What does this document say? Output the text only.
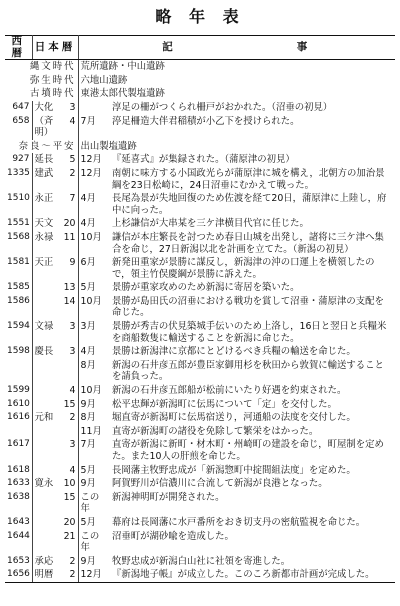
略 年 表
西暦	日本暦		記 事	
縄文時代			荒所遺跡・中山遺跡	
弥生時代			六地山遺跡	
古墳時代			東港太郎代製塩遺跡	
647	大化	3		淳足の柵がつくられ柵戸がおかれた。（沼垂の初見）
658	（斉明）	4	7月	渟足柵造大伴君稲積が小乙下を授けられた。
奈良～平安			出山製塩遺跡	
927	延長	5	12月	『延喜式』が集録された。（蒲原津の初見）
1335	建武	2	12月	南朝に味方する小国政光らが蒲原津に城を構え，北朝方の加治景綱を23日松崎に，24日沼垂にむかえて戦った。
1510	永正	7	4月	長尾為景が失地回復のため佐渡を経て20日，蒲原津に上陸し，府中に向った。
1551	天文	20	4月	上杉謙信が大串某を三ケ津横目代官に任じた。
1568	永禄	11	10月	謙信が本庄繁長を討つため春日山城を出発し，諸将に三ケ津へ集合を命じ，27日新潟以北を計画を立てた。（新潟の初見）
1581	天正	9	6月	新発田重家が景勝に謀反し，新潟津の沖の口運上を横領したので，領主竹俣慶綱が景勝に訴えた。
1585		13	5月	景勝が重家攻めのため新潟に寄居を築いた。
1586		14	10月	景勝が島田氏の沼垂における戦功を賞して沼垂・蒲原津の支配を命じた。
1594	文禄	3	3月	景勝が秀吉の伏見築城手伝いのため上洛し，16日と翌日と兵糧米を商船数隻に輸送することを新潟に命じた。
1598	慶長	3	4月	景勝は新潟津に京都にとどけるべき兵糧の輸送を命じた。
			8月	新潟の石井彦五郎が豊臣家御用杉を秋田から敦賀に輸送することを請負った。
1599		4	10月	新潟の石井彦五郎船が松前にいたり好遇を約束された。
1610		15	9月	松平忠輝が新潟町に伝馬について「定」を交付した。
1616	元和	2	8月	堀直寄が新潟町に伝馬宿送り，河通船の法度を交付した。
			11月	直寄が新潟町の諸役を免除して繁栄をはかった。
1617		3	7月	直寄が新潟に新町・材木町・州崎町の建設を命じ，町屋制を定めた。また10人の肝煎を命じた。
1618		4	5月	長岡藩主牧野忠成が「新潟惣町中掟間組法度」を定めた。
1633	寛永	10	9月	阿賀野川が信濃川に合流して新潟が良港となった。
1638		15	この年	新潟神明町が開発された。
1643		20	5月	幕府は長岡藩に水戸番所をおき切支丹の密航監視を命じた。
1644		21	この年	沼垂町が湖砂喩を造成した。
1653	承応	2	9月	牧野忠成が新潟白山社に社領を寄進した。
1656	明暦	2	12月	『新潟地子帳』が成立した。このころ新都市計画が完成した。
